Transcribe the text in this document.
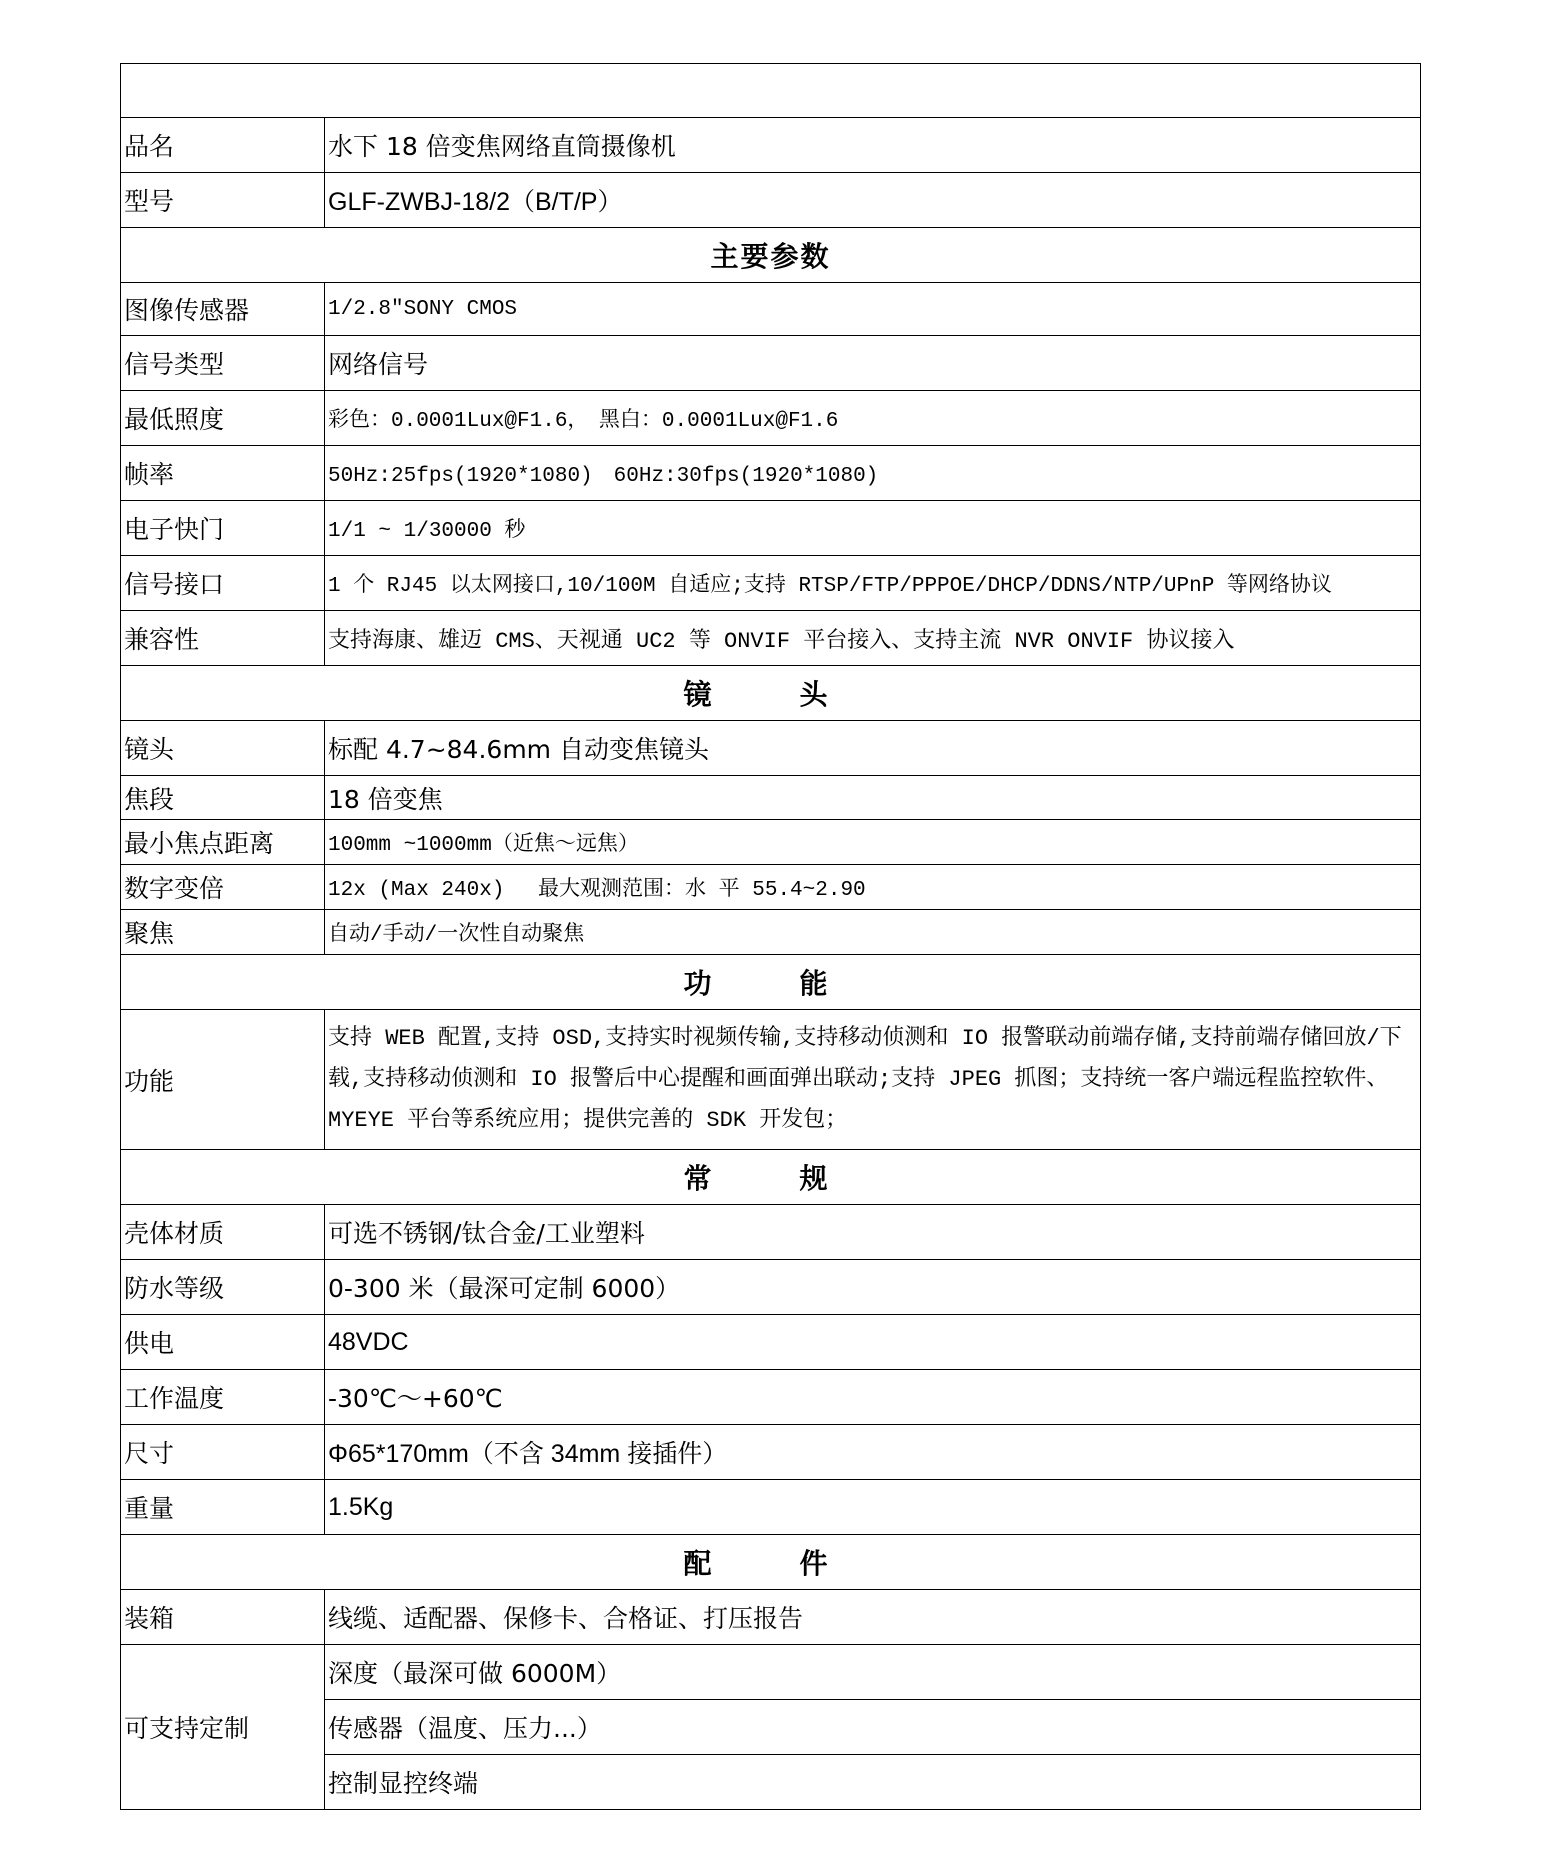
品名	水下 18 倍变焦网络直筒摄像机
型号	GLF-ZWBJ-18/2（B/T/P）
主要参数	
图像传感器	1/2.8″SONY CMOS
信号类型	网络信号
最低照度	彩色：0.0001Lux@F1.6，　黑白：0.0001Lux@F1.6
帧率	50Hz:25fps(1920*1080)　60Hz:30fps(1920*1080)
电子快门	1/1 ~ 1/30000 秒
信号接口	1 个 RJ45 以太网接口,10/100M 自适应;支持 RTSP/FTP/PPPOE/DHCP/DDNS/NTP/UPnP 等网络协议
兼容性	支持海康、雄迈 CMS、天视通 UC2 等 ONVIF 平台接入、支持主流 NVR ONVIF 协议接入
镜　头	
镜头	标配 4.7~84.6mm 自动变焦镜头
焦段	18 倍变焦
最小焦点距离	100mm ~1000mm（近焦～远焦）
数字变倍	12x (Max 240x)　 最大观测范围：水 平 55.4~2.90
聚焦	自动/手动/一次性自动聚焦
功　能	
功能	支持 WEB 配置,支持 OSD,支持实时视频传输,支持移动侦测和 IO 报警联动前端存储,支持前端存储回放/下载,支持移动侦测和 IO 报警后中心提醒和画面弹出联动;支持 JPEG 抓图；支持统一客户端远程监控软件、MYEYE 平台等系统应用；提供完善的 SDK 开发包；
常　规	
壳体材质	可选不锈钢/钛合金/工业塑料
防水等级	0-300 米（最深可定制 6000）
供电	48VDC
工作温度	-30℃～+60℃
尺寸	Φ65*170mm（不含 34mm 接插件）
重量	1.5Kg
配　件	
装箱	线缆、适配器、保修卡、合格证、打压报告
可支持定制	深度（最深可做 6000M）
	传感器（温度、压力...）
	控制显控终端
